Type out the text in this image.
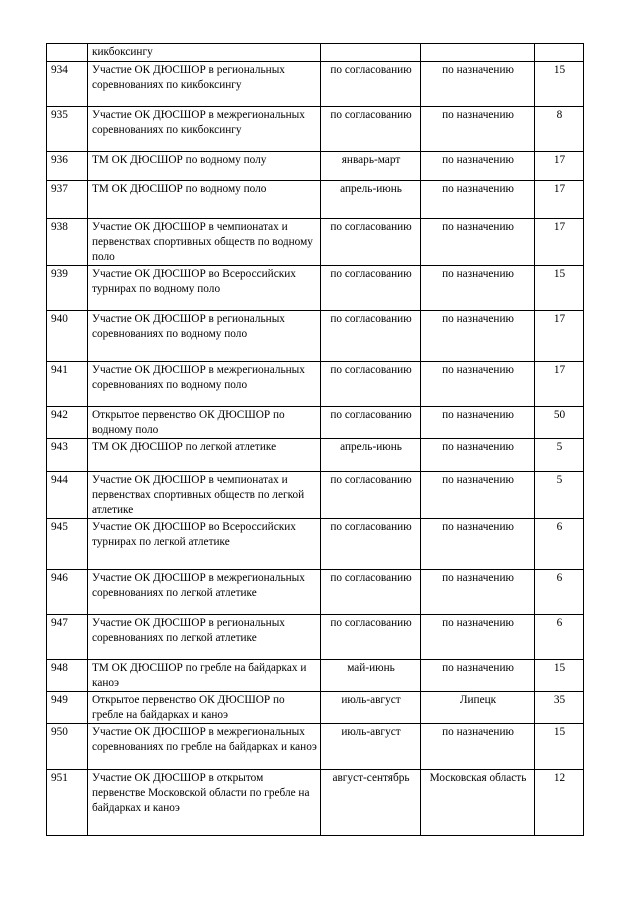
	кикбоксингу			
934	Участие ОК ДЮСШОР в региональных соревнованиях по кикбоксингу	по согласованию	по назначению	15
935	Участие ОК ДЮСШОР в межрегиональных соревнованиях по кикбоксингу	по согласованию	по назначению	8
936	ТМ ОК ДЮСШОР по водному полу	январь-март	по назначению	17
937	ТМ ОК ДЮСШОР по водному поло	апрель-июнь	по назначению	17
938	Участие ОК ДЮСШОР в чемпионатах и первенствах спортивных обществ по водному поло	по согласованию	по назначению	17
939	Участие ОК ДЮСШОР во Всероссийских турнирах по водному поло	по согласованию	по назначению	15
940	Участие ОК ДЮСШОР в региональных соревнованиях по водному поло	по согласованию	по назначению	17
941	Участие ОК ДЮСШОР в межрегиональных соревнованиях по водному поло	по согласованию	по назначению	17
942	Открытое первенство ОК ДЮСШОР по водному поло	по согласованию	по назначению	50
943	ТМ ОК ДЮСШОР по легкой атлетике	апрель-июнь	по назначению	5
944	Участие ОК ДЮСШОР в чемпионатах и первенствах спортивных обществ по легкой атлетике	по согласованию	по назначению	5
945	Участие ОК ДЮСШОР во Всероссийских турнирах по легкой атлетике	по согласованию	по назначению	6
946	Участие ОК ДЮСШОР в межрегиональных соревнованиях по легкой атлетике	по согласованию	по назначению	6
947	Участие ОК ДЮСШОР в региональных соревнованиях по легкой атлетике	по согласованию	по назначению	6
948	ТМ ОК ДЮСШОР по гребле на байдарках и каноэ	май-июнь	по назначению	15
949	Открытое первенство ОК ДЮСШОР по гребле на байдарках и каноэ	июль-август	Липецк	35
950	Участие ОК ДЮСШОР в межрегиональных соревнованиях по гребле на байдарках и каноэ	июль-август	по назначению	15
951	Участие ОК ДЮСШОР в открытом первенстве Московской области по гребле на байдарках и каноэ	август-сентябрь	Московская область	12
